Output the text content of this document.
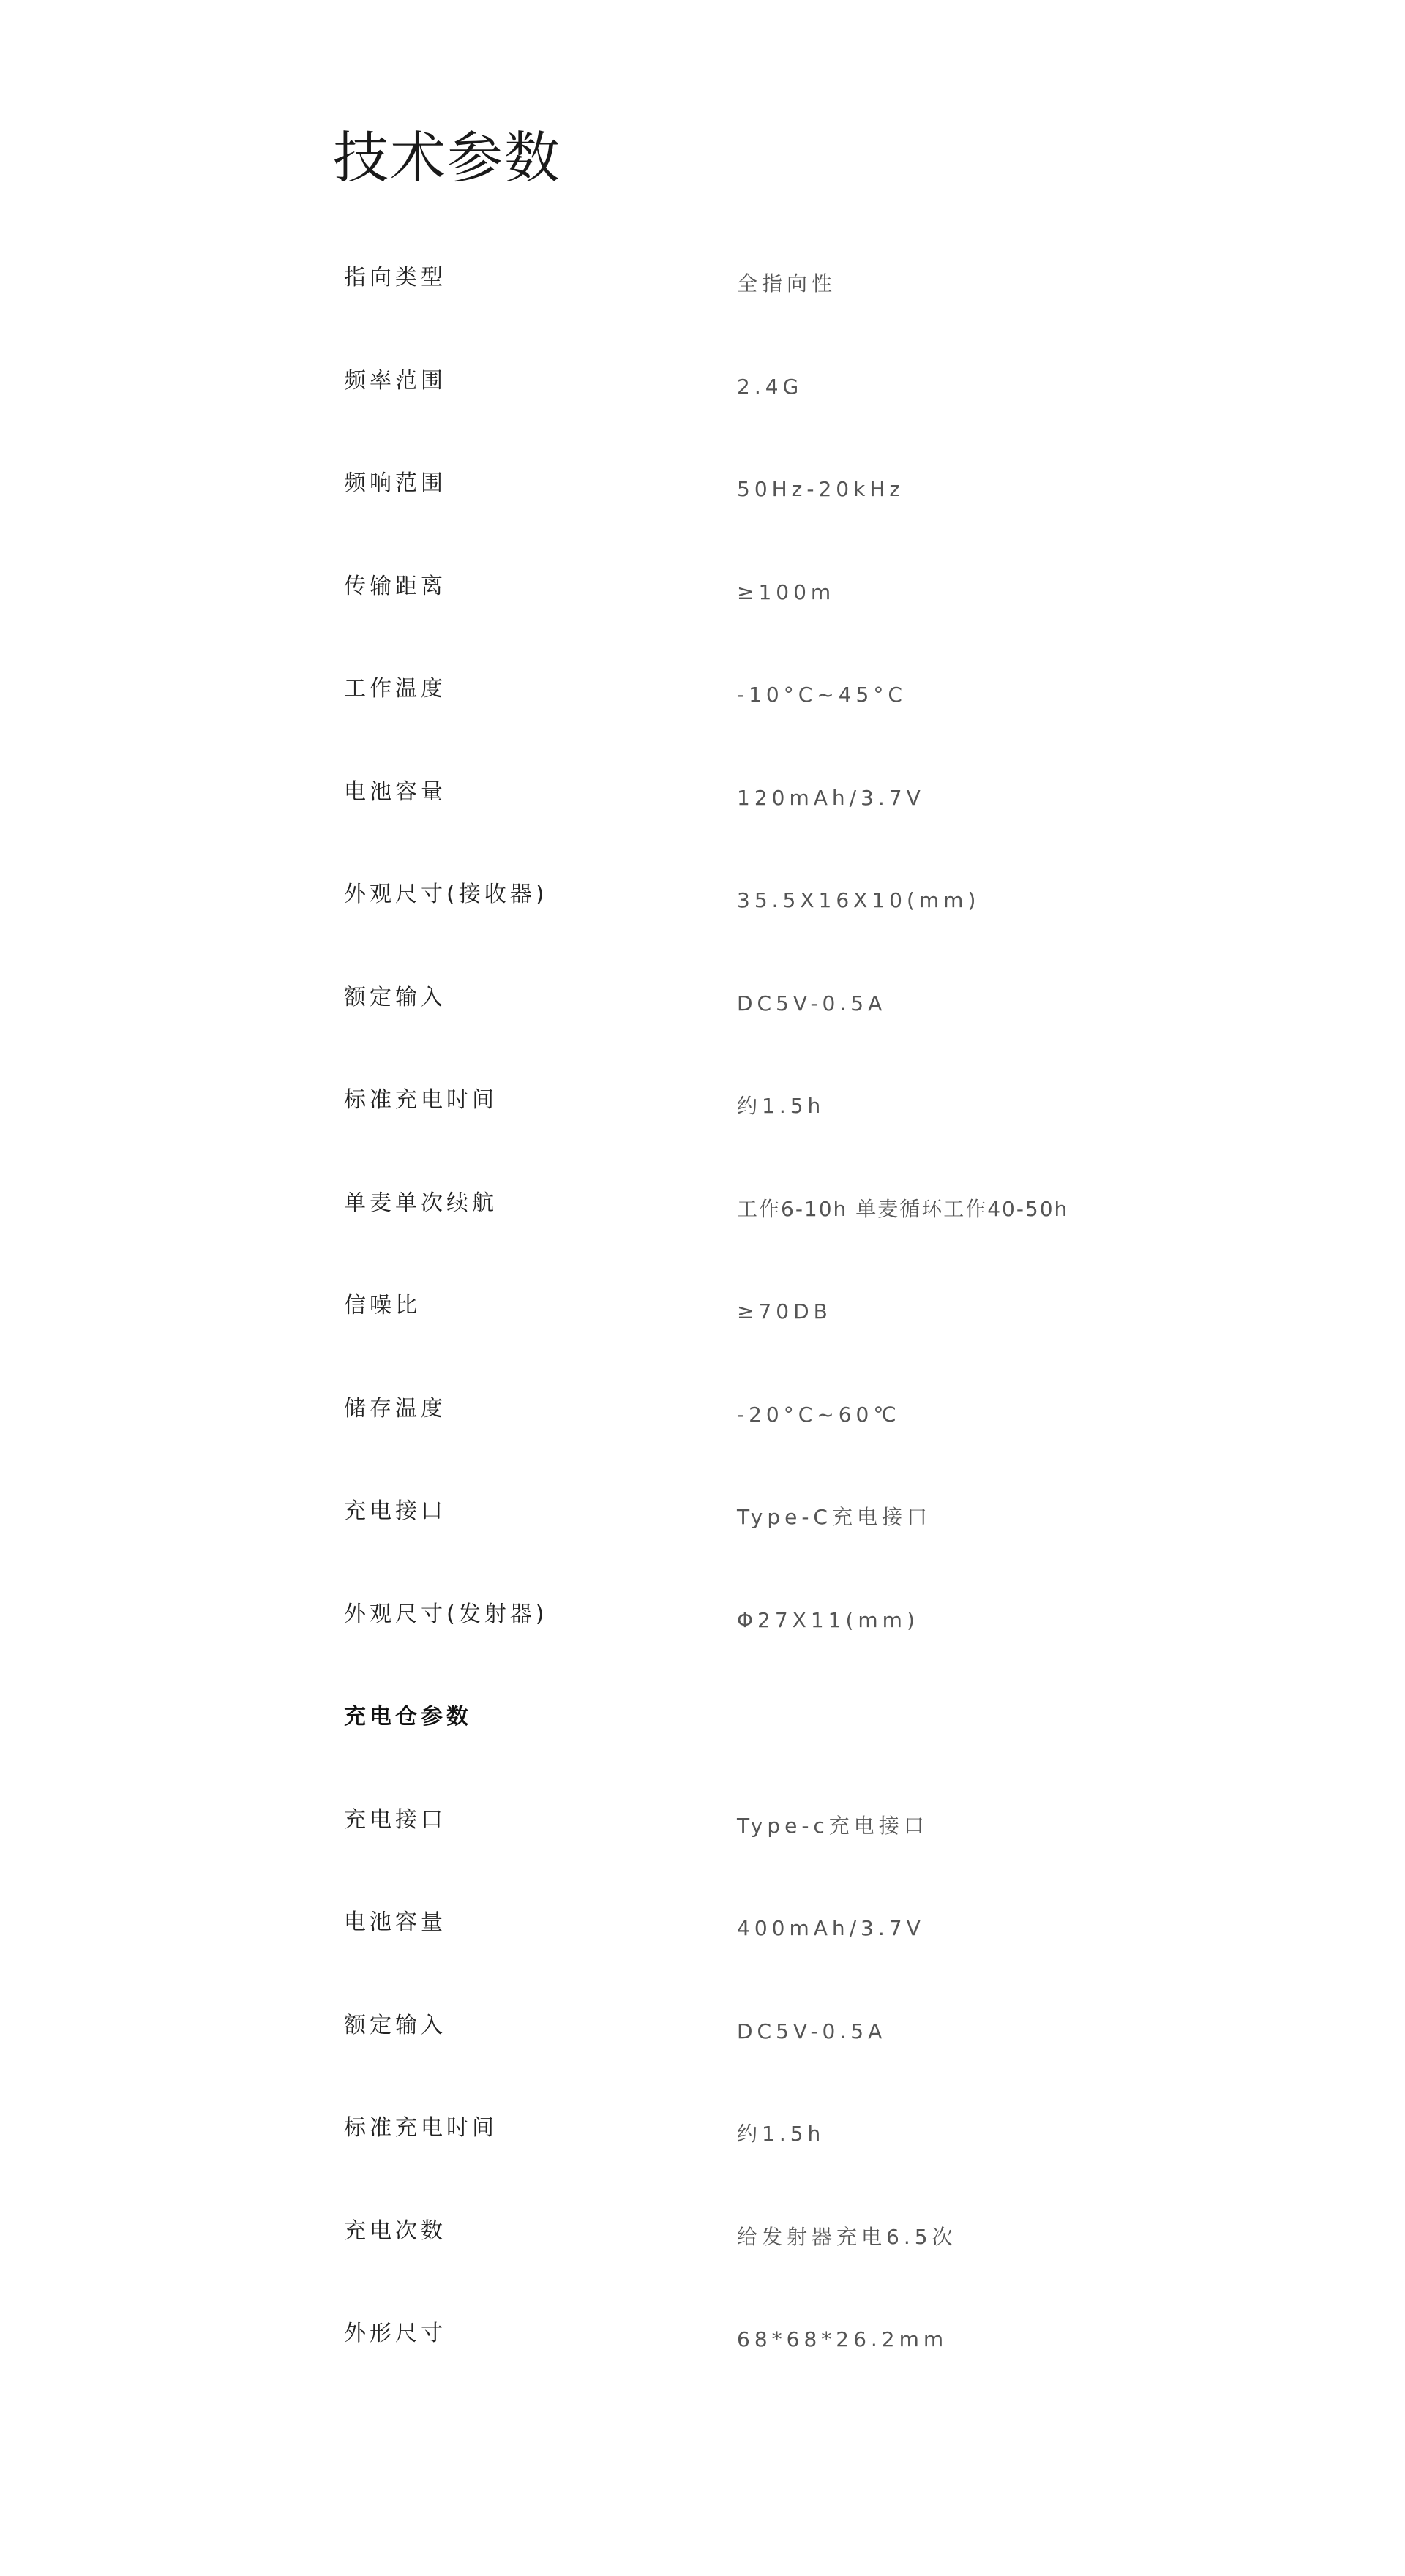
技术参数
指向类型	全指向性
频率范围	2.4G
频响范围	50Hz-20kHz
传输距离	≥100m
工作温度	-10°C~45°C
电池容量	120mAh/3.7V
外观尺寸(接收器)	35.5X16X10(mm)
额定输入	DC5V-0.5A
标准充电时间	约1.5h
单麦单次续航	工作6-10h 单麦循环工作40-50h
信噪比	≥70DB
储存温度	-20°C~60℃
充电接口	Type-C充电接口
外观尺寸(发射器)	Φ27X11(mm)
充电仓参数
充电接口	Type-c充电接口
电池容量	400mAh/3.7V
额定输入	DC5V-0.5A
标准充电时间	约1.5h
充电次数	给发射器充电6.5次
外形尺寸	68*68*26.2mm
